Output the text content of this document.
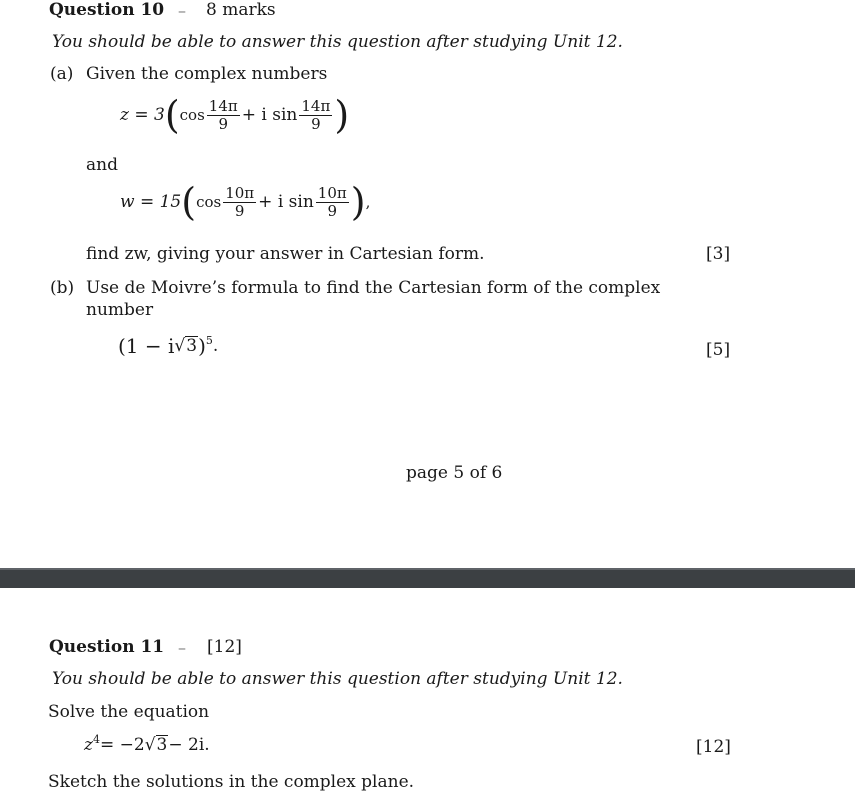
Question 10 – 8 marks
You should be able to answer this question after studying Unit 12.
(a) Given the complex numbers
z = 3 ( $\cos \frac{14\pi}{9} + i$ $\sin \frac{14\pi}{9}$ )
and
w = 15 ( $\cos \frac{10\pi}{9} + i$ $\sin \frac{10\pi}{9}$ ) ,
find zw, giving your answer in Cartesian form.	[3]
(b) Use de Moivre’s formula to find the Cartesian form of the complex
number
(1 − i √ 3 ) 5 .	[5]
page 5 of 6
Question 11 – [12]
You should be able to answer this question after studying Unit 12.
Solve the equation
z 4 = −2 √ 3 − 2i.	[12]
Sketch the solutions in the complex plane.
